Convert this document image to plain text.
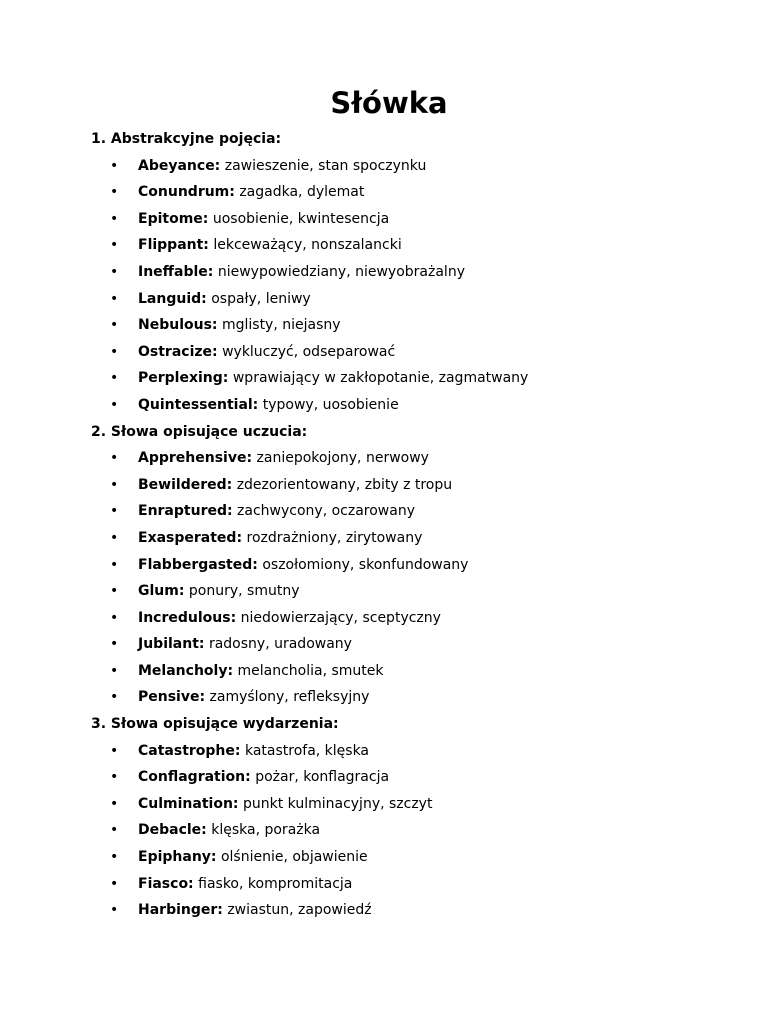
Słówka
1. Abstrakcyjne pojęcia:
• Abeyance: zawieszenie, stan spoczynku
• Conundrum: zagadka, dylemat
• Epitome: uosobienie, kwintesencja
• Flippant: lekceważący, nonszalancki
• Ineffable: niewypowiedziany, niewyobrażalny
• Languid: ospały, leniwy
• Nebulous: mglisty, niejasny
• Ostracize: wykluczyć, odseparować
• Perplexing: wprawiający w zakłopotanie, zagmatwany
• Quintessential: typowy, uosobienie
2. Słowa opisujące uczucia:
• Apprehensive: zaniepokojony, nerwowy
• Bewildered: zdezorientowany, zbity z tropu
• Enraptured: zachwycony, oczarowany
• Exasperated: rozdrażniony, zirytowany
• Flabbergasted: oszołomiony, skonfundowany
• Glum: ponury, smutny
• Incredulous: niedowierzający, sceptyczny
• Jubilant: radosny, uradowany
• Melancholy: melancholia, smutek
• Pensive: zamyślony, refleksyjny
3. Słowa opisujące wydarzenia:
• Catastrophe: katastrofa, klęska
• Conflagration: pożar, konflagracja
• Culmination: punkt kulminacyjny, szczyt
• Debacle: klęska, porażka
• Epiphany: olśnienie, objawienie
• Fiasco: fiasko, kompromitacja
• Harbinger: zwiastun, zapowiedź
